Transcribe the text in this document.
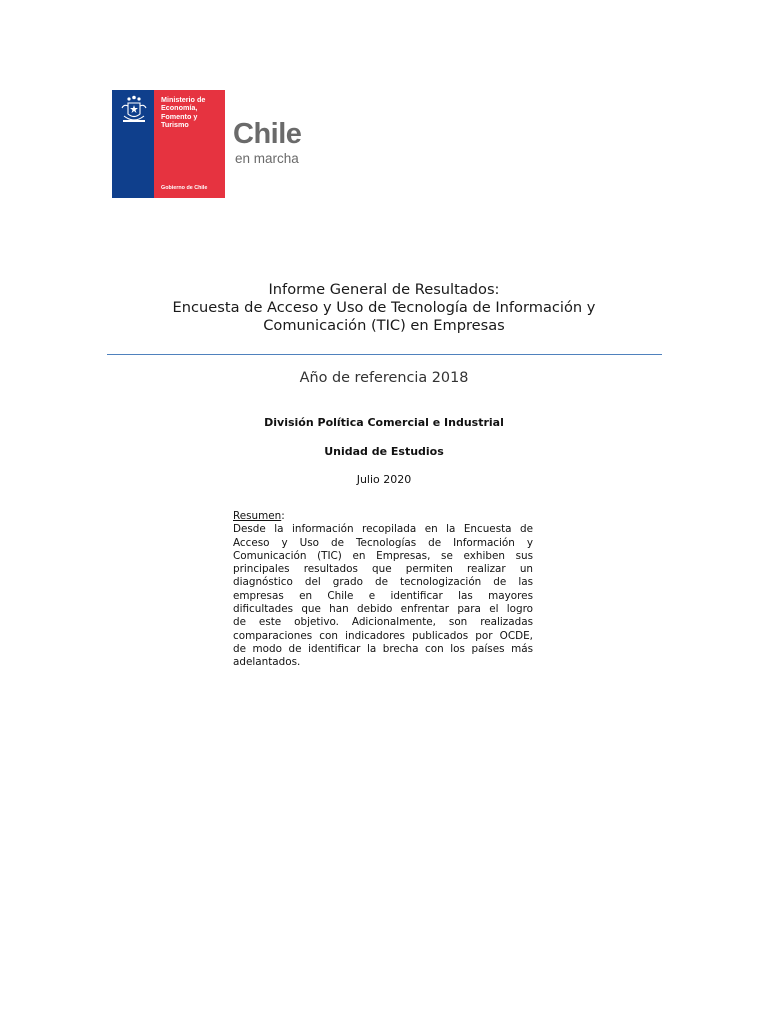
Ministerio de
Economía,
Fomento y
Turismo
Gobierno de Chile
Chile
en marcha
Informe General de Resultados:
Encuesta de Acceso y Uso de Tecnología de Información y
Comunicación (TIC) en Empresas
Año de referencia 2018
División Política Comercial e Industrial
Unidad de Estudios
Julio 2020
Resumen:
Desde la información recopilada en la Encuesta de
Acceso y Uso de Tecnologías de Información y
Comunicación (TIC) en Empresas, se exhiben sus
principales resultados que permiten realizar un
diagnóstico del grado de tecnologización de las
empresas en Chile e identificar las mayores
dificultades que han debido enfrentar para el logro
de este objetivo. Adicionalmente, son realizadas
comparaciones con indicadores publicados por OCDE,
de modo de identificar la brecha con los países más
adelantados.
